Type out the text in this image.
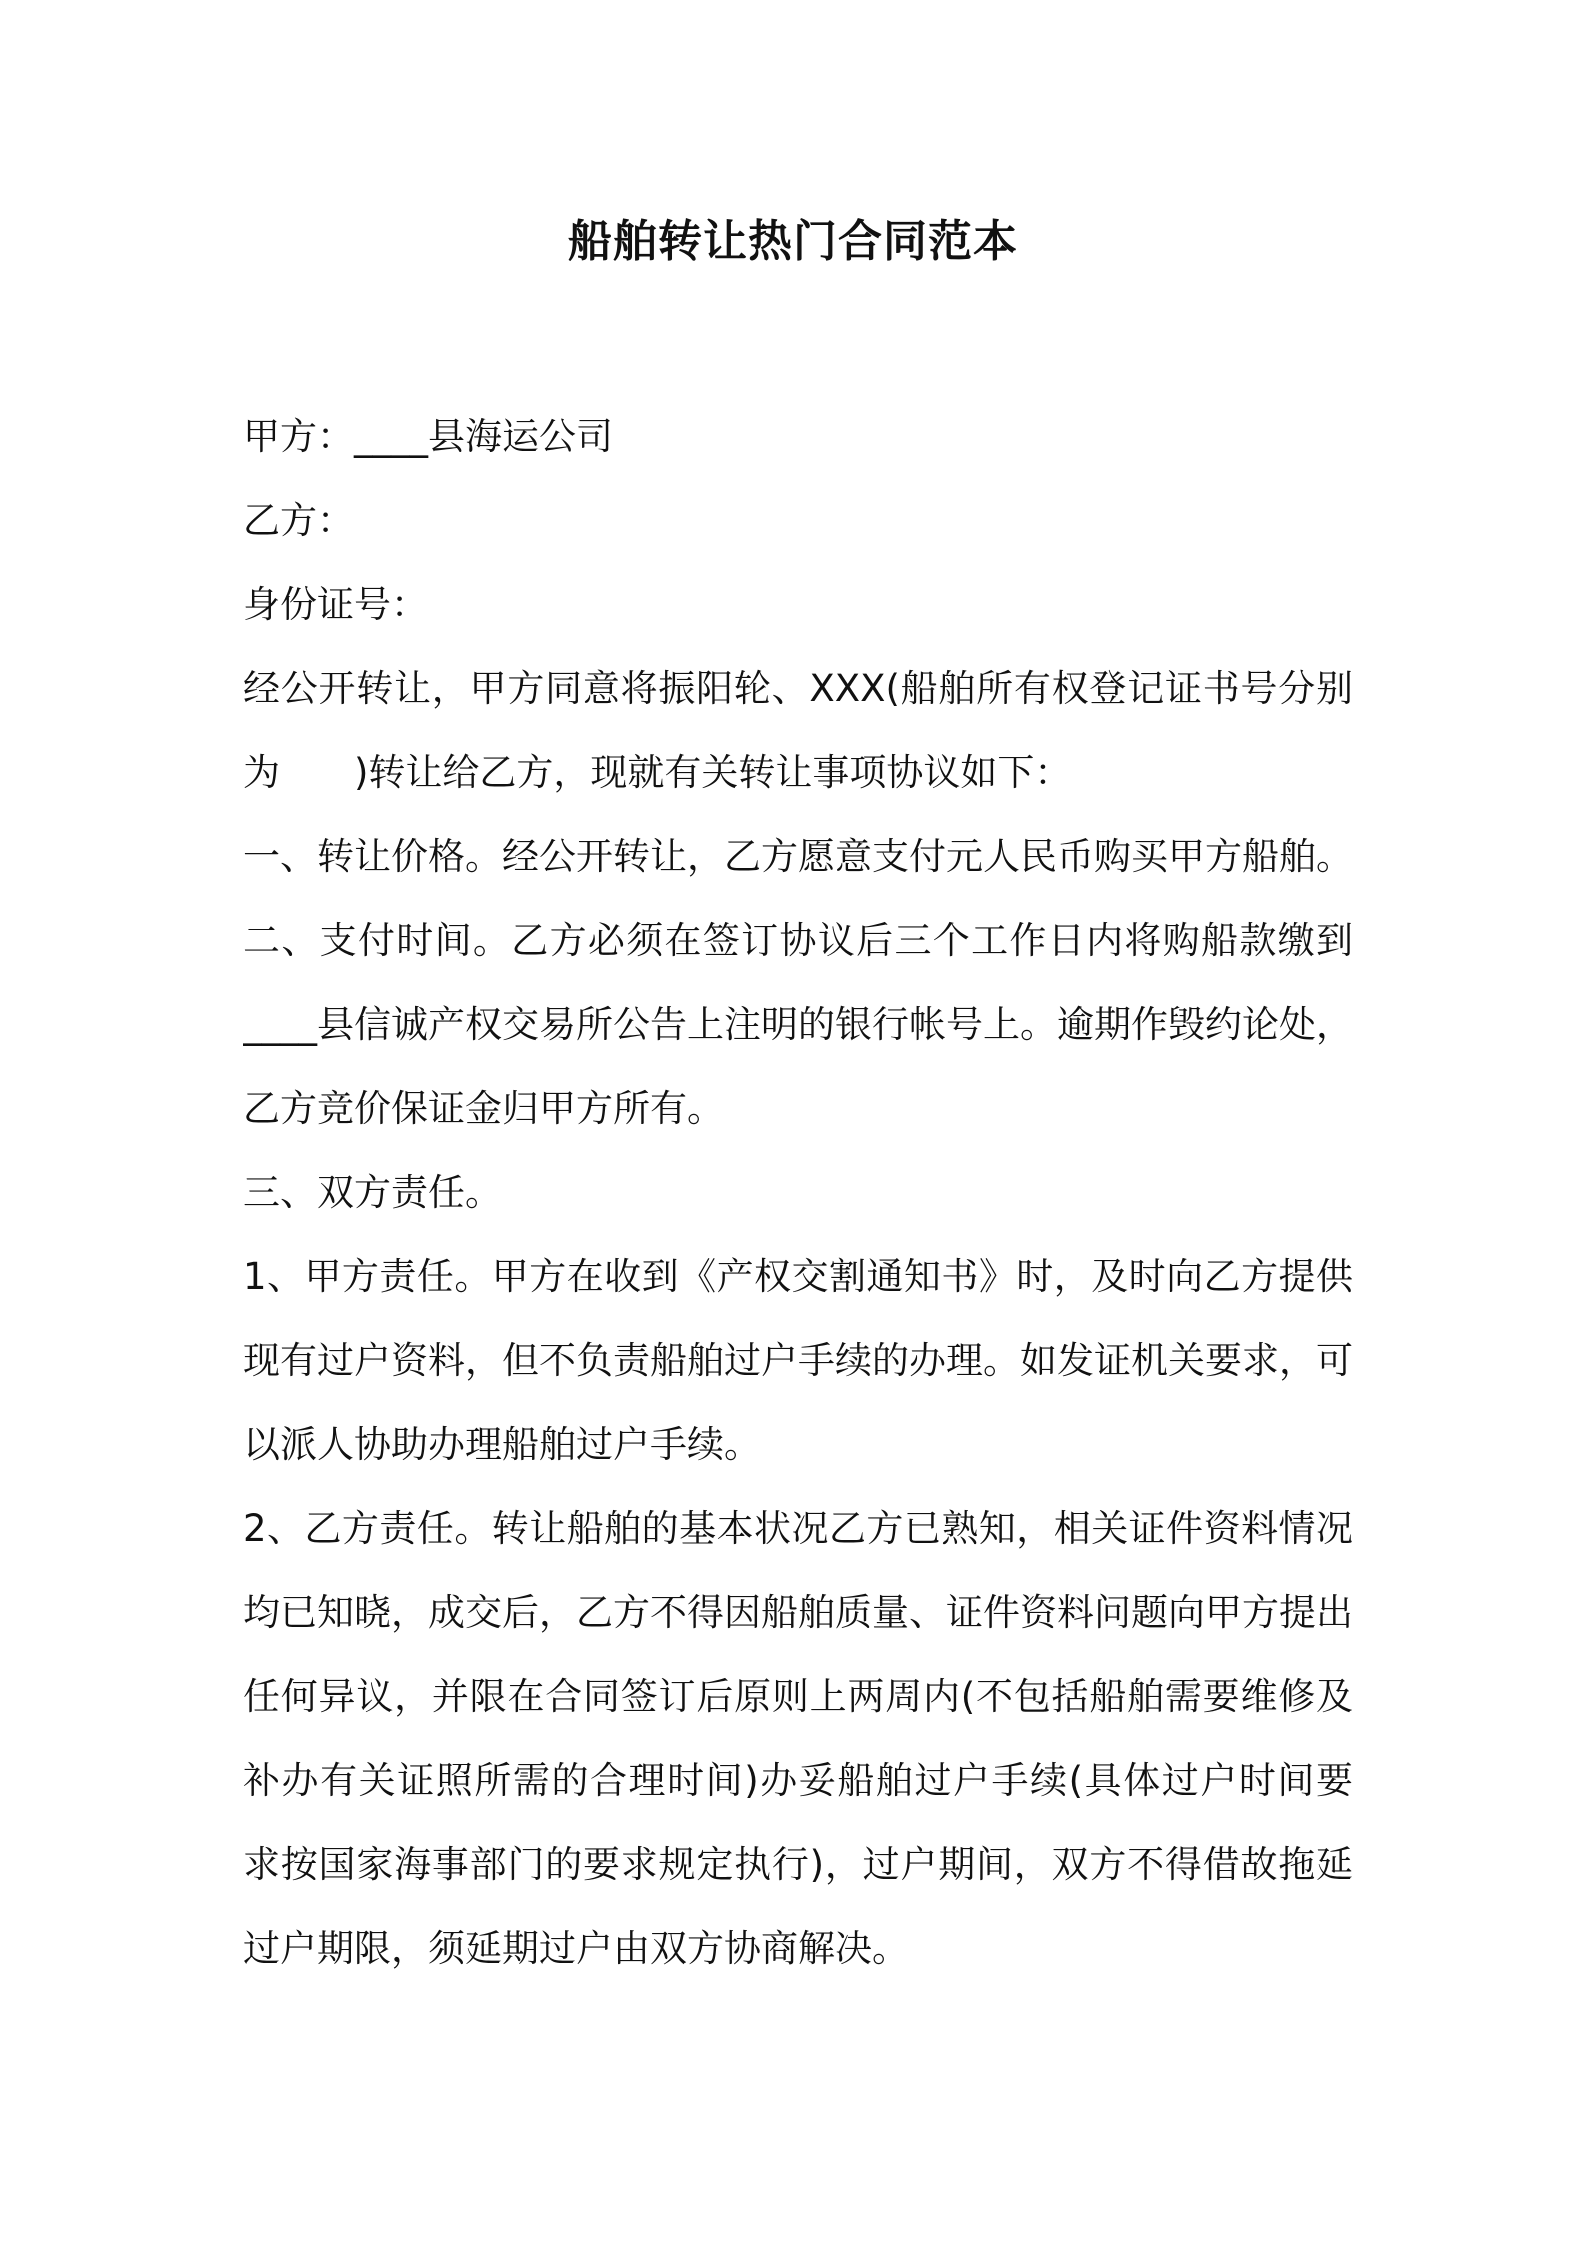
船舶转让热门合同范本
甲方：____县海运公司
乙方：
身份证号：
经公开转让，甲方同意将振阳轮、XXX(船舶所有权登记证书号分别
为　　)转让给乙方，现就有关转让事项协议如下：
一、转让价格。经公开转让，乙方愿意支付元人民币购买甲方船舶。
二、支付时间。乙方必须在签订协议后三个工作日内将购船款缴到
____县信诚产权交易所公告上注明的银行帐号上。逾期作毁约论处，
乙方竞价保证金归甲方所有。
三、双方责任。
1、甲方责任。甲方在收到《产权交割通知书》时，及时向乙方提供
现有过户资料，但不负责船舶过户手续的办理。如发证机关要求，可
以派人协助办理船舶过户手续。
2、乙方责任。转让船舶的基本状况乙方已熟知，相关证件资料情况
均已知晓，成交后，乙方不得因船舶质量、证件资料问题向甲方提出
任何异议，并限在合同签订后原则上两周内(不包括船舶需要维修及
补办有关证照所需的合理时间)办妥船舶过户手续(具体过户时间要
求按国家海事部门的要求规定执行)，过户期间，双方不得借故拖延
过户期限，须延期过户由双方协商解决。
